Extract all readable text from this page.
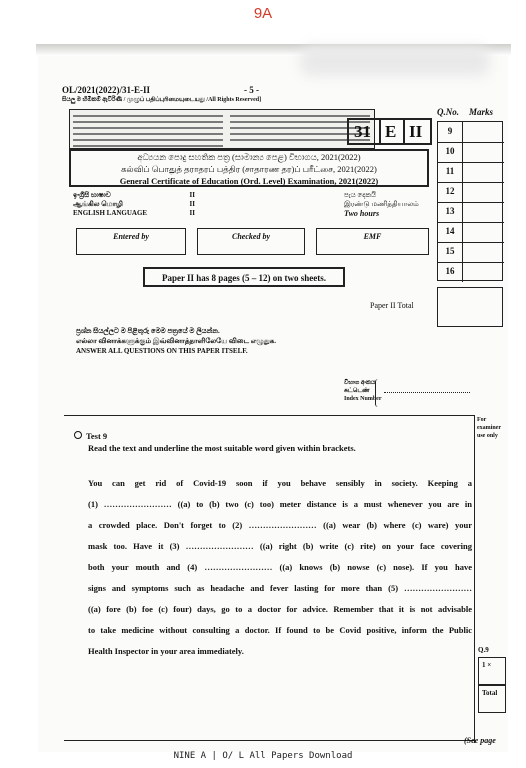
9A
OL/2021(2022)/31-E-II	- 5 -
සියලු ම හිමිකම් ඇවිරිණි / முழுப் பதிப்புரிமையுடையது /All Rights Reserved]
31 E II
Q.No. Marks
9
10
11
12
13
14
15
16
අධ්‍යයන පොදු සහතික පත්‍ර (සාමාන්‍ය පෙළ) විභාගය, 2021(2022)
கல்விப் பொதுத் தராதரப் பத்திர (சாதாரண தர)ப் பரீட்சை, 2021(2022)
General Certificate of Education (Ord. Level) Examination, 2021(2022)
ඉංග්‍රීසි භාෂාව	II
ஆங்கில மொழி	II
ENGLISH LANGUAGE	II
පැය දෙකයි
இரண்டு மணித்தியாலம்
Two hours
Entered by	Checked by	EMF
Paper II has 8 pages (5 – 12) on two sheets.
Paper II Total
ප්‍රශ්න සියල්ලට ම පිළිතුරු මෙම පත්‍රයේ ම ලියන්න.
எல்லா வினாக்களுக்கும் இவ்வினாத்தாளிலேயே விடை எழுதுக.
ANSWER ALL QUESTIONS ON THIS PAPER ITSELF.
විභාග අංකය
சுட்டெண்
Index Number
For
examiner
use only
Test 9
Read the text and underline the most suitable word given within brackets.
You can get rid of Covid-19 soon if you behave sensibly in society. Keeping a
(1) …………………… ((a) to (b) two (c) too) meter distance is a must whenever you are in
a crowded place. Don't forget to (2) …………………… ((a) wear (b) where (c) ware) your
mask too. Have it (3) …………………… ((a) right (b) write (c) rite) on your face covering
both your mouth and (4) …………………… ((a) knows (b) nowse (c) nose). If you have
signs and symptoms such as headache and fever lasting for more than (5) ……………………
((a) fore (b) foe (c) four) days, go to a doctor for advice. Remember that it is not advisable
to take medicine without consulting a doctor. If found to be Covid positive, inform the Public
Health Inspector in your area immediately.	Q.9
1 ×
Total
(See page
NINE A | O/ L All Papers Download
